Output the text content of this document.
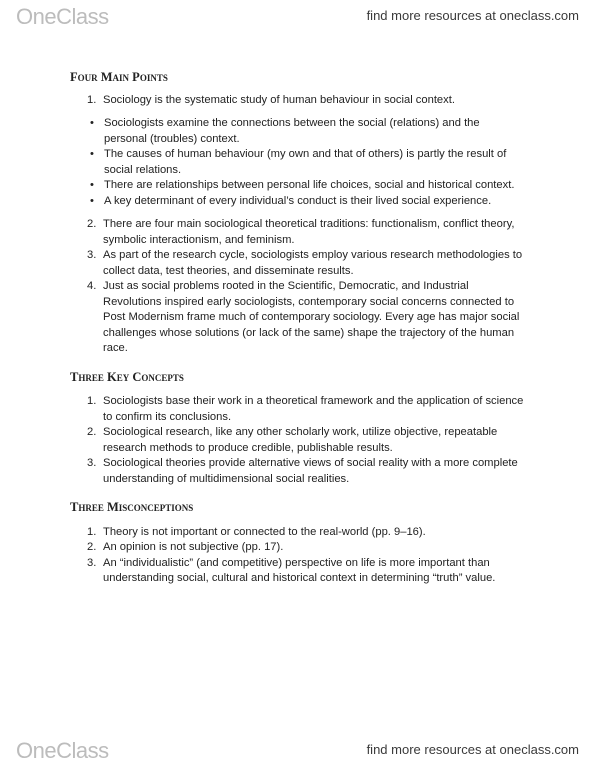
OneClass	find more resources at oneclass.com
Four Main Points
1. Sociology is the systematic study of human behaviour in social context.
• Sociologists examine the connections between the social (relations) and the personal (troubles) context.
• The causes of human behaviour (my own and that of others) is partly the result of social relations.
• There are relationships between personal life choices, social and historical context.
• A key determinant of every individual’s conduct is their lived social experience.
2. There are four main sociological theoretical traditions: functionalism, conflict theory, symbolic interactionism, and feminism.
3. As part of the research cycle, sociologists employ various research methodologies to collect data, test theories, and disseminate results.
4. Just as social problems rooted in the Scientific, Democratic, and Industrial Revolutions inspired early sociologists, contemporary social concerns connected to Post Modernism frame much of contemporary sociology. Every age has major social challenges whose solutions (or lack of the same) shape the trajectory of the human race.
Three Key Concepts
1. Sociologists base their work in a theoretical framework and the application of science to confirm its conclusions.
2. Sociological research, like any other scholarly work, utilize objective, repeatable research methods to produce credible, publishable results.
3. Sociological theories provide alternative views of social reality with a more complete understanding of multidimensional social realities.
Three Misconceptions
1. Theory is not important or connected to the real-world (pp. 9–16).
2. An opinion is not subjective (pp. 17).
3. An “individualistic” (and competitive) perspective on life is more important than understanding social, cultural and historical context in determining “truth” value.
OneClass	find more resources at oneclass.com
